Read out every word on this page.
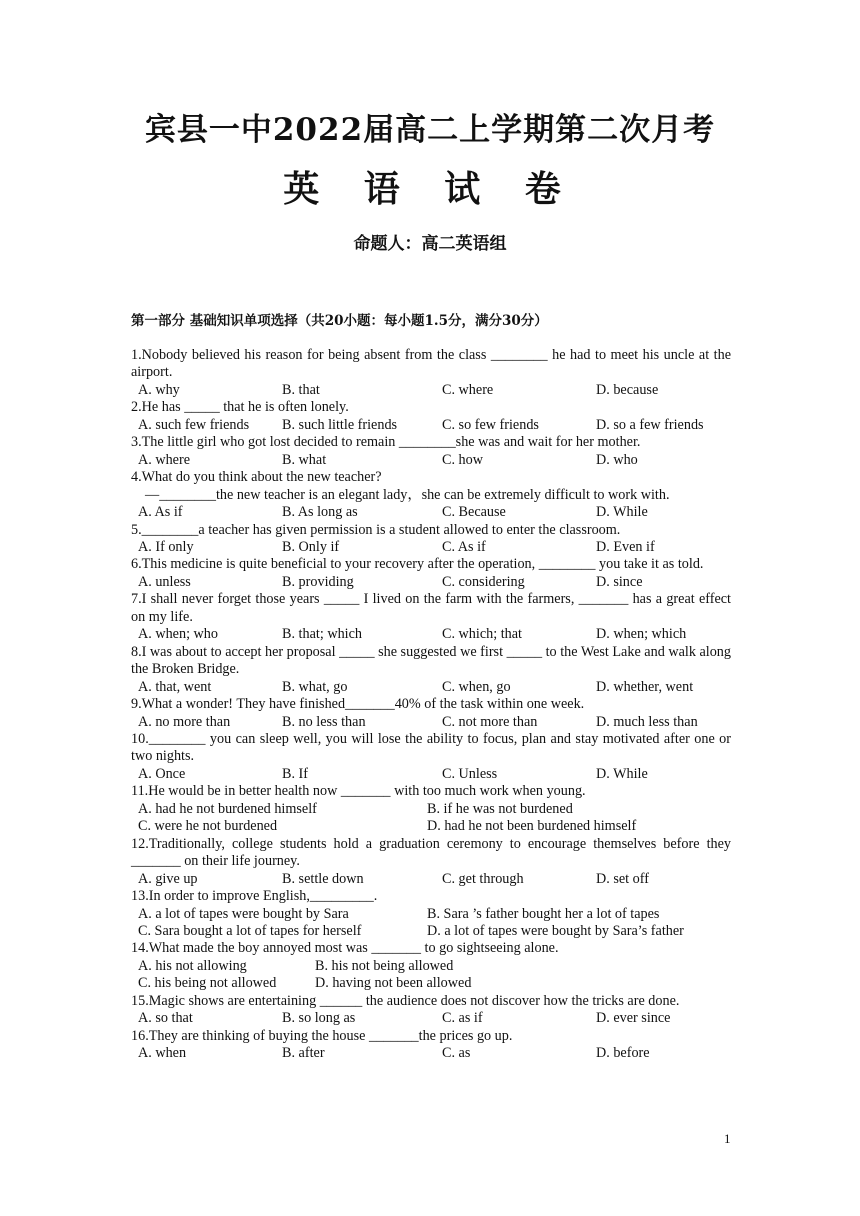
宾县一中2022届高二上学期第二次月考
英 语 试 卷
命题人：高二英语组
第一部分 基础知识单项选择（共20小题：每小题1.5分，满分30分）
1.Nobody believed his reason for being absent from the class ________ he had to meet his uncle at the airport.
A. why	B. that	C. where	D. because
2.He has _____ that he is often lonely.
A. such few friends	B. such little friends	C. so few friends	D. so a few friends
3.The little girl who got lost decided to remain ________she was and wait for her mother.
A. where	B. what	C. how	D. who
4.What do you think about the new teacher?
—________the new teacher is an elegant lady，she can be extremely difficult to work with.
A. As if	B. As long as	C. Because	D. While
5.________a teacher has given permission is a student allowed to enter the classroom.
A. If only	B. Only if	C. As if	D. Even if
6.This medicine is quite beneficial to your recovery after the operation, ________ you take it as told.
A. unless	B. providing	C. considering	D. since
7.I shall never forget those years _____ I lived on the farm with the farmers, _______ has a great effect on my life.
A. when; who	B. that; which	C. which; that	D. when; which
8.I was about to accept her proposal _____ she suggested we first _____ to the West Lake and walk along the Broken Bridge.
A. that, went	B. what, go	C. when, go	D. whether, went
9.What a wonder! They have finished_______40% of the task within one week.
A. no more than	B. no less than	C. not more than	D. much less than
10.________ you can sleep well, you will lose the ability to focus, plan and stay motivated after one or two nights.
A. Once	B. If	C. Unless	D. While
11.He would be in better health now _______ with too much work when young.
A. had he not burdened himself	B. if he was not burdened
C. were he not burdened	D. had he not been burdened himself
12.Traditionally, college students hold a graduation ceremony to encourage themselves before they _______ on their life journey.
A. give up	B. settle down	C. get through	D. set off
13.In order to improve English,_________.
A. a lot of tapes were bought by Sara	B. Sara ’s father bought her a lot of tapes
C. Sara bought a lot of tapes for herself	D. a lot of tapes were bought by Sara’s father
14.What made the boy annoyed most was _______ to go sightseeing alone.
A. his not allowing	B. his not being allowed
C. his being not allowed	D. having not been allowed
15.Magic shows are entertaining ______ the audience does not discover how the tricks are done.
A. so that	B. so long as	C. as if	D. ever since
16.They are thinking of buying the house _______the prices go up.
A. when	B. after	C. as	D. before
1
